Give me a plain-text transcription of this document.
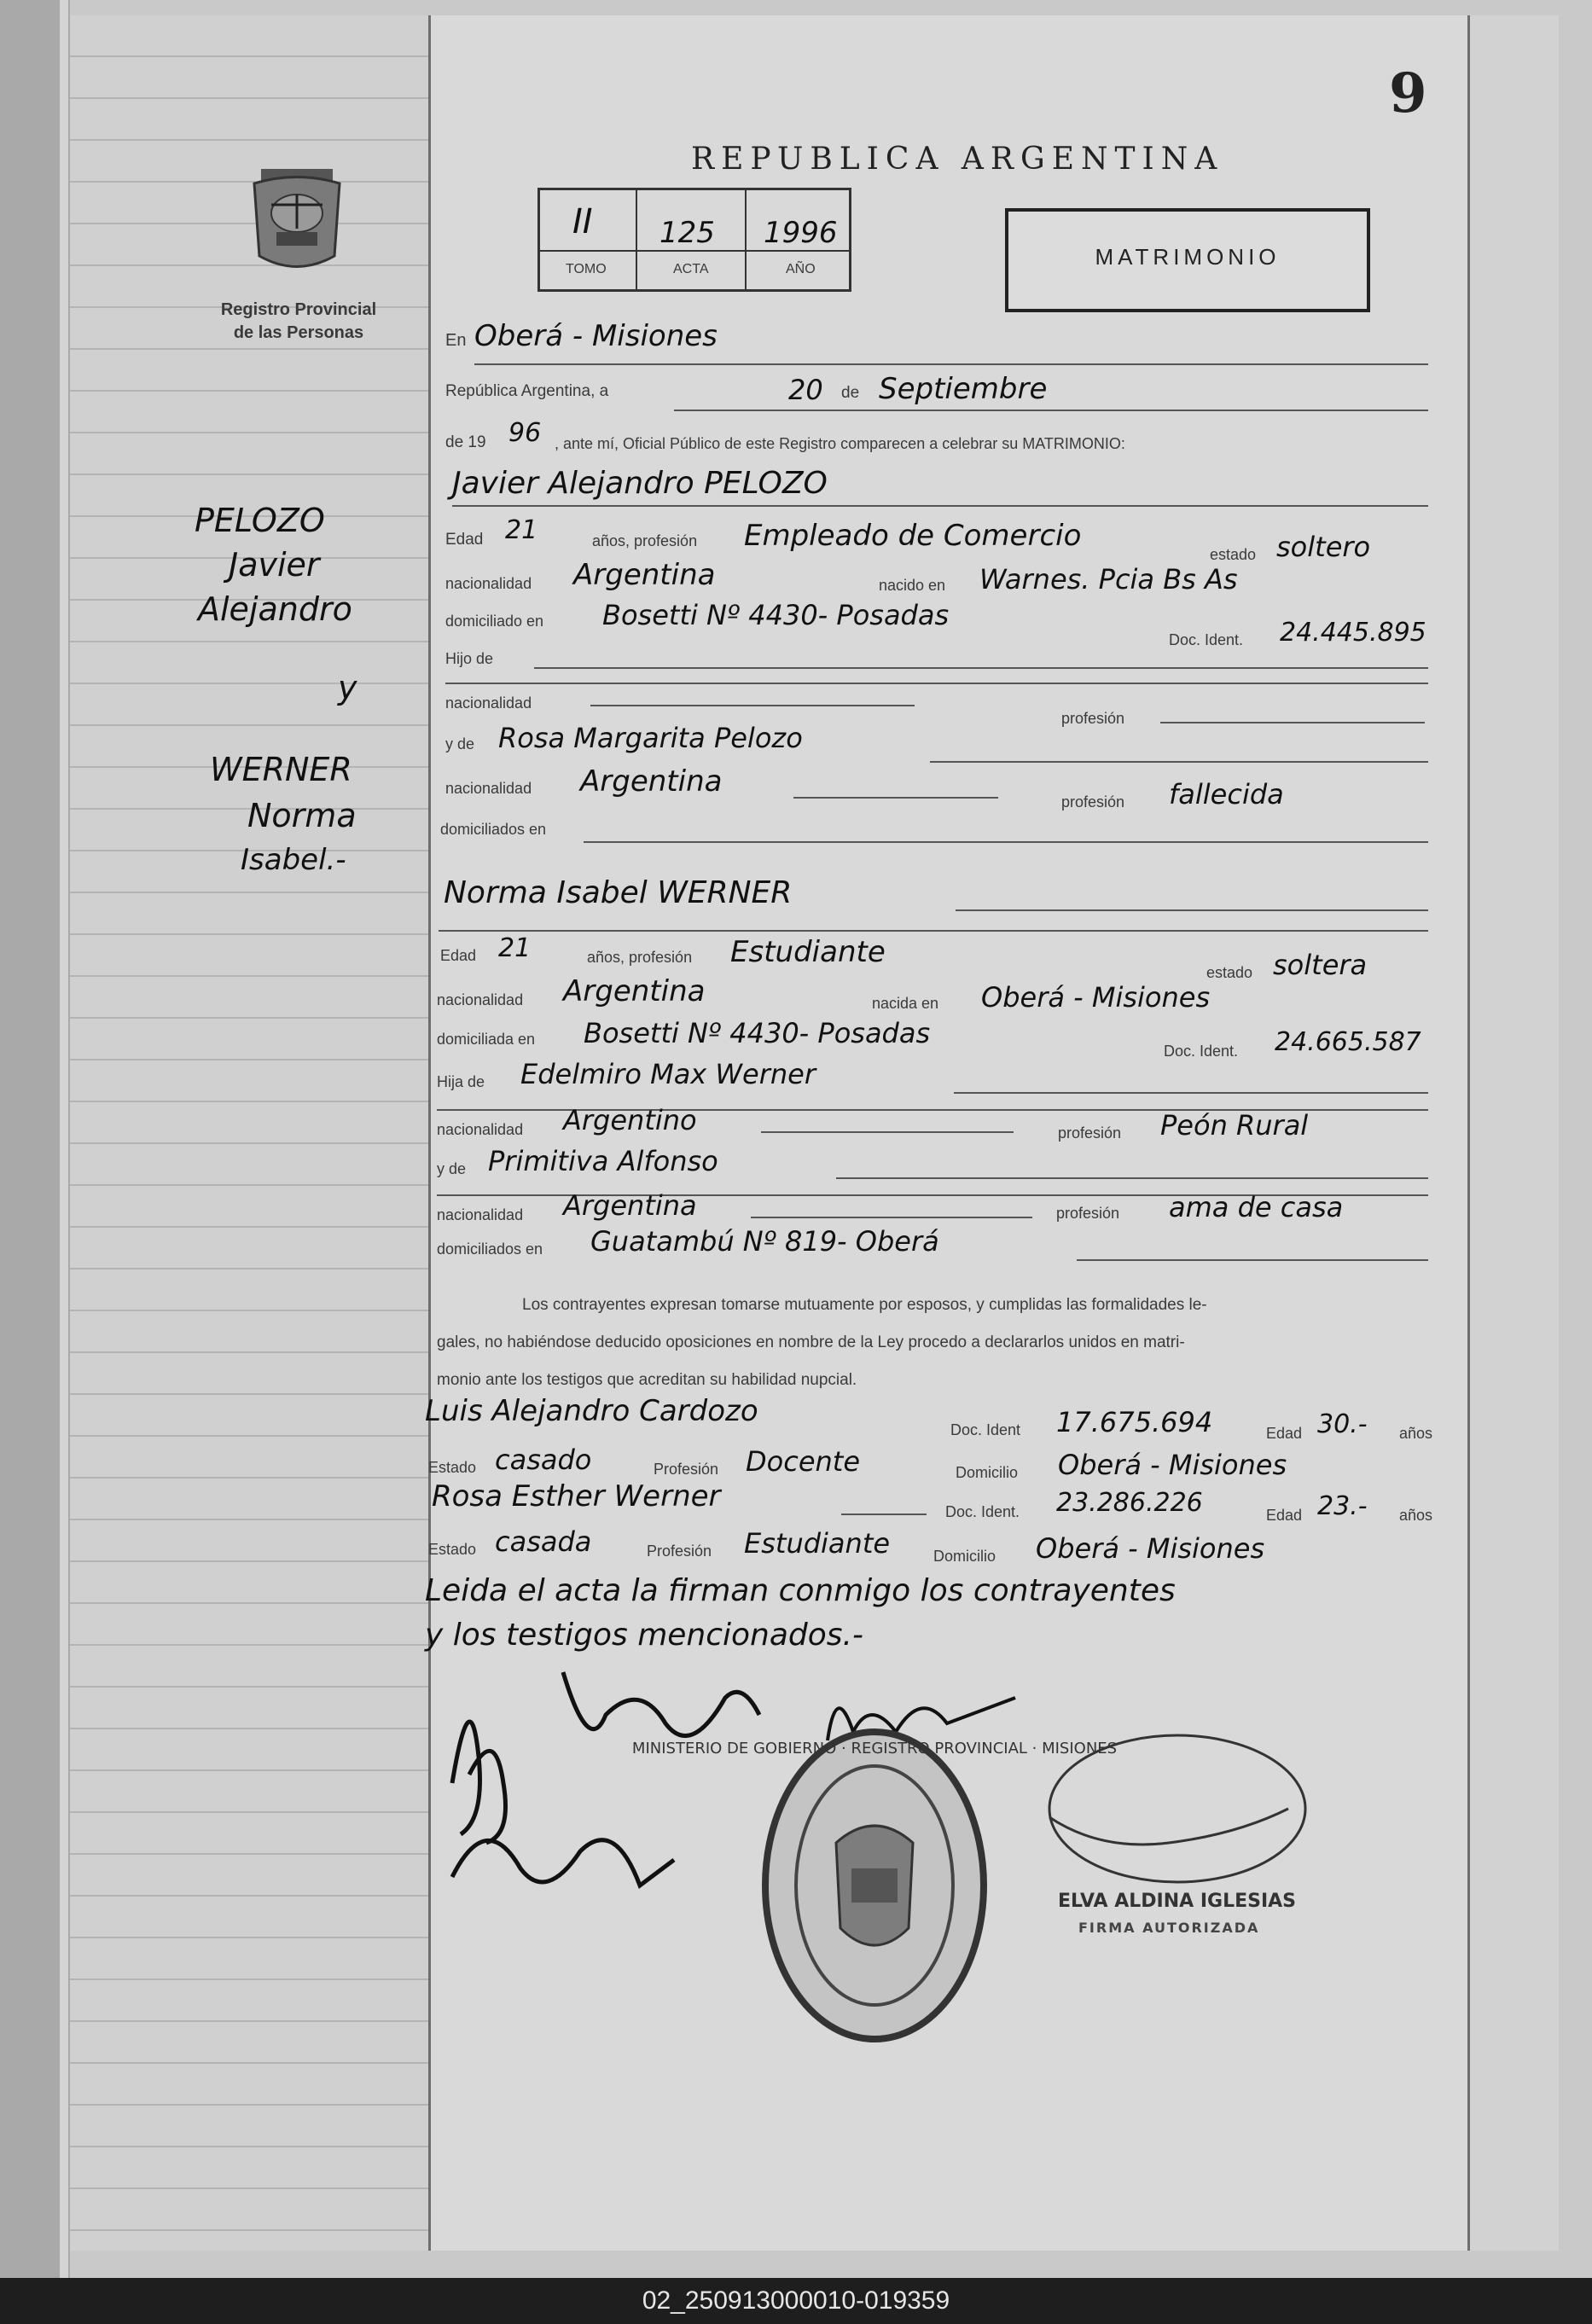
9
Registro Provincial
de las Personas
PELOZO
Javier
Alejandro
y
WERNER
Norma
Isabel.-
REPUBLICA ARGENTINA
II 125 1996
TOMO	ACTA	AÑO	MATRIMONIO
En Oberá - Misiones
República Argentina, a	20 de Septiembre
de 19 96 , ante mí, Oficial Público de este Registro comparecen a celebrar su MATRIMONIO:
Javier Alejandro PELOZO
Edad 21	años, profesión Empleado de Comercio
estado soltero
nacionalidad Argentina	nacido en Warnes. Pcia Bs As
domiciliado en Bosetti Nº 4430- Posadas
Doc. Ident. 24.445.895
Hijo de
nacionalidad
profesión
y de Rosa Margarita Pelozo
nacionalidad Argentina
profesión fallecida
domiciliados en
Norma Isabel WERNER
Edad 21	años, profesión Estudiante
estado soltera
nacionalidad Argentina	nacida en Oberá - Misiones
domiciliada en Bosetti Nº 4430- Posadas
Doc. Ident. 24.665.587
Hija de Edelmiro Max Werner
nacionalidad Argentino	profesión Peón Rural
y de Primitiva Alfonso
nacionalidad Argentina	profesión ama de casa
domiciliados en Guatambú Nº 819- Oberá
Los contrayentes expresan tomarse mutuamente por esposos, y cumplidas las formalidades le-
gales, no habiéndose deducido oposiciones en nombre de la Ley procedo a declararlos unidos en matri-
monio ante los testigos que acreditan su habilidad nupcial.
Luis Alejandro Cardozo
Doc. Ident 17.675.694	Edad 30.- años
Estado casado	Profesión Docente	Domicilio Oberá - Misiones
Rosa Esther Werner	Doc. Ident. 23.286.226	Edad 23.- años
Estado casada	Profesión Estudiante	Domicilio Oberá - Misiones
Leida el acta la firman conmigo los contrayentes
y los testigos mencionados.-
MINISTERIO DE GOBIERNO · REGISTRO PROVINCIAL · MISIONES
ELVA ALDINA IGLESIAS
FIRMA AUTORIZADA
02_250913000010-019359
